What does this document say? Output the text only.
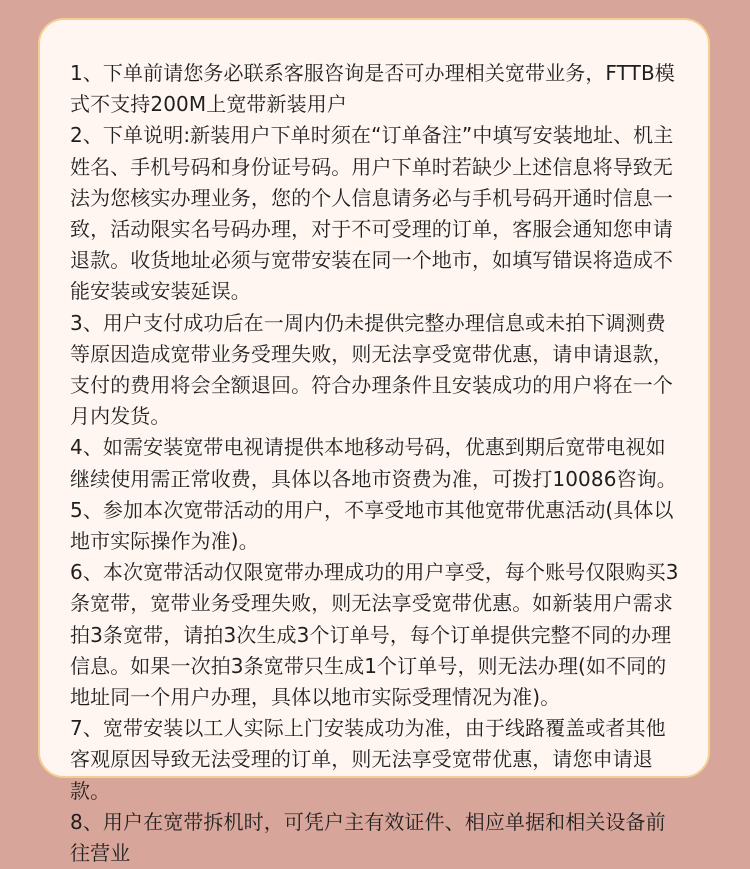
1、下单前请您务必联系客服咨询是否可办理相关宽带业务，FTTB模式不支持200M上宽带新装用户

2、下单说明:新装用户下单时须在“订单备注”中填写安装地址、机主姓名、手机号码和身份证号码。用户下单时若缺少上述信息将导致无法为您核实办理业务，您的个人信息请务必与手机号码开通时信息一致，活动限实名号码办理，对于不可受理的订单，客服会通知您申请退款。收货地址必须与宽带安装在同一个地市，如填写错误将造成不能安装或安装延误。

3、用户支付成功后在一周内仍未提供完整办理信息或未拍下调测费等原因造成宽带业务受理失败，则无法享受宽带优惠，请申请退款，支付的费用将会全额退回。符合办理条件且安装成功的用户将在一个月内发货。

4、如需安装宽带电视请提供本地移动号码，优惠到期后宽带电视如继续使用需正常收费，具体以各地市资费为准，可拨打10086咨询。

5、参加本次宽带活动的用户，不享受地市其他宽带优惠活动(具体以地市实际操作为准)。

6、本次宽带活动仅限宽带办理成功的用户享受，每个账号仅限购买3条宽带，宽带业务受理失败，则无法享受宽带优惠。如新装用户需求拍3条宽带，请拍3次生成3个订单号，每个订单提供完整不同的办理信息。如果一次拍3条宽带只生成1个订单号，则无法办理(如不同的地址同一个用户办理，具体以地市实际受理情况为准)。

7、宽带安装以工人实际上门安装成功为准，由于线路覆盖或者其他客观原因导致无法受理的订单，则无法享受宽带优惠，请您申请退款。

8、用户在宽带拆机时，可凭户主有效证件、相应单据和相关设备前往营业
